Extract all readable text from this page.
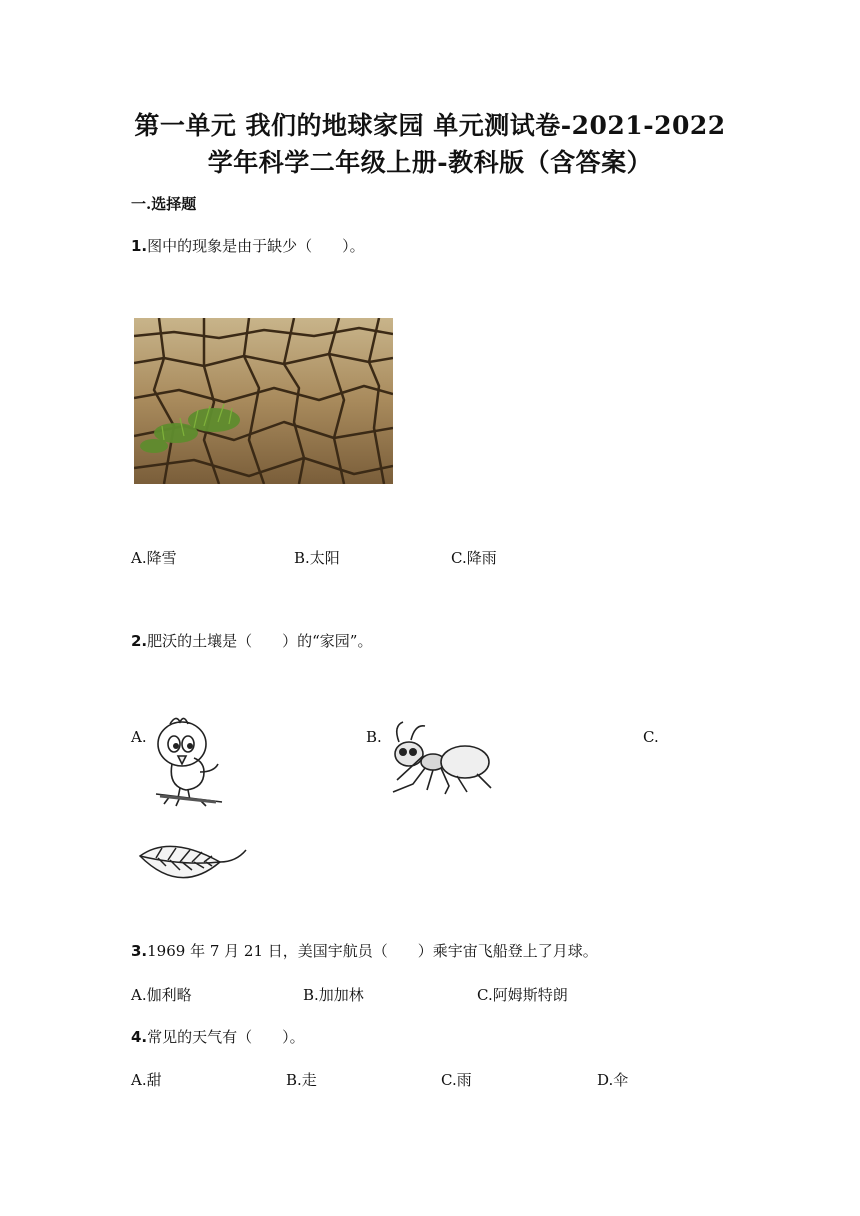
第一单元 我们的地球家园 单元测试卷-2021-2022
学年科学二年级上册-教科版（含答案）
一.选择题
1.图中的现象是由于缺少（　　）。
A.降雪	B.太阳	C.降雨
2.肥沃的土壤是（　　）的“家园”。
A.	B.	C.
3.1969 年 7 月 21 日，美国宇航员（　　）乘宇宙飞船登上了月球。
A.伽利略	B.加加林	C.阿姆斯特朗
4.常见的天气有（　　）。
A.甜	B.走	C.雨	D.伞
